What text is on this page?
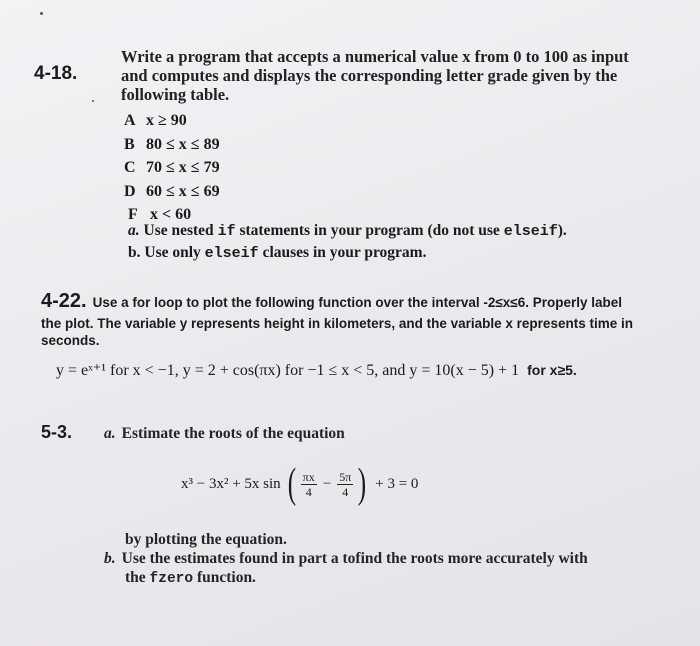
4-18.
Write a program that accepts a numerical value x from 0 to 100 as input
and computes and displays the corresponding letter grade given by the
following table.
A x ≥ 90
B 80 ≤ x ≤ 89
C 70 ≤ x ≤ 79
D 60 ≤ x ≤ 69
F x < 60
a. Use nested if statements in your program (do not use elseif).
b. Use only elseif clauses in your program.
4-22. Use a for loop to plot the following function over the interval -2≤x≤6. Properly label
the plot. The variable y represents height in kilometers, and the variable x represents time in
seconds.
y = eˣ⁺¹ for x < −1, y = 2 + cos(πx) for −1 ≤ x < 5, and y = 10(x − 5) + 1 for x≥5.
5-3. a. Estimate the roots of the equation
x³ − 3x² + 5x sin ( $\frac{\pi x}{4} - \frac{5\pi}{4}$ ) + 3 = 0
by plotting the equation.
b. Use the estimates found in part a tofind the roots more accurately with
the fzero function.
